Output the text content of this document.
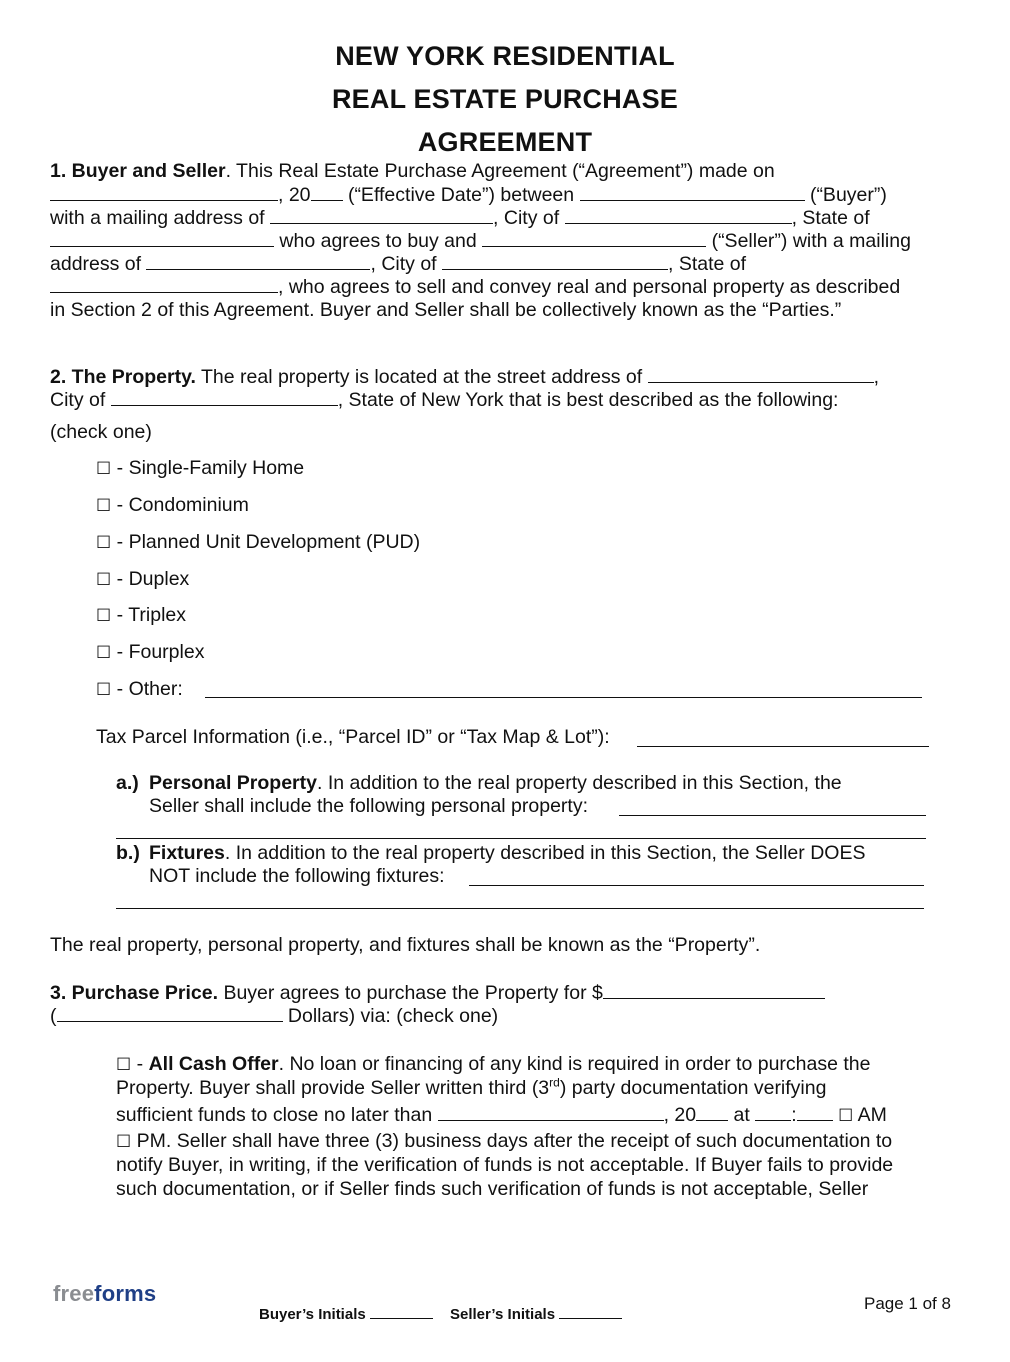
NEW YORK RESIDENTIAL
REAL ESTATE PURCHASE
AGREEMENT
1. Buyer and Seller. This Real Estate Purchase Agreement (“Agreement”) made on
, 20 (“Effective Date”) between	(“Buyer”)
with a mailing address of	, City of	, State of
who agrees to buy and	(“Seller”) with a mailing
address of	, City of	, State of
, who agrees to sell and convey real and personal property as described
in Section 2 of this Agreement. Buyer and Seller shall be collectively known as the “Parties.”
2. The Property. The real property is located at the street address of	,
City of	, State of New York that is best described as the following:
(check one)
☐ - Single-Family Home
☐ - Condominium
☐ - Planned Unit Development (PUD)
☐ - Duplex
☐ - Triplex
☐ - Fourplex
☐ - Other:
Tax Parcel Information (i.e., “Parcel ID” or “Tax Map & Lot”):
a.) Personal Property. In addition to the real property described in this Section, the
Seller shall include the following personal property:
b.) Fixtures. In addition to the real property described in this Section, the Seller DOES
NOT include the following fixtures:
The real property, personal property, and fixtures shall be known as the “Property”.
3. Purchase Price. Buyer agrees to purchase the Property for $
(	Dollars) via: (check one)
☐ - All Cash Offer. No loan or financing of any kind is required in order to purchase the
Property. Buyer shall provide Seller written third (3rd) party documentation verifying
sufficient funds to close no later than	, 20 at : ☐ AM
☐ PM. Seller shall have three (3) business days after the receipt of such documentation to
notify Buyer, in writing, if the verification of funds is not acceptable. If Buyer fails to provide
such documentation, or if Seller finds such verification of funds is not acceptable, Seller
freeforms
Buyer’s Initials	Seller’s Initials
Page 1 of 8
